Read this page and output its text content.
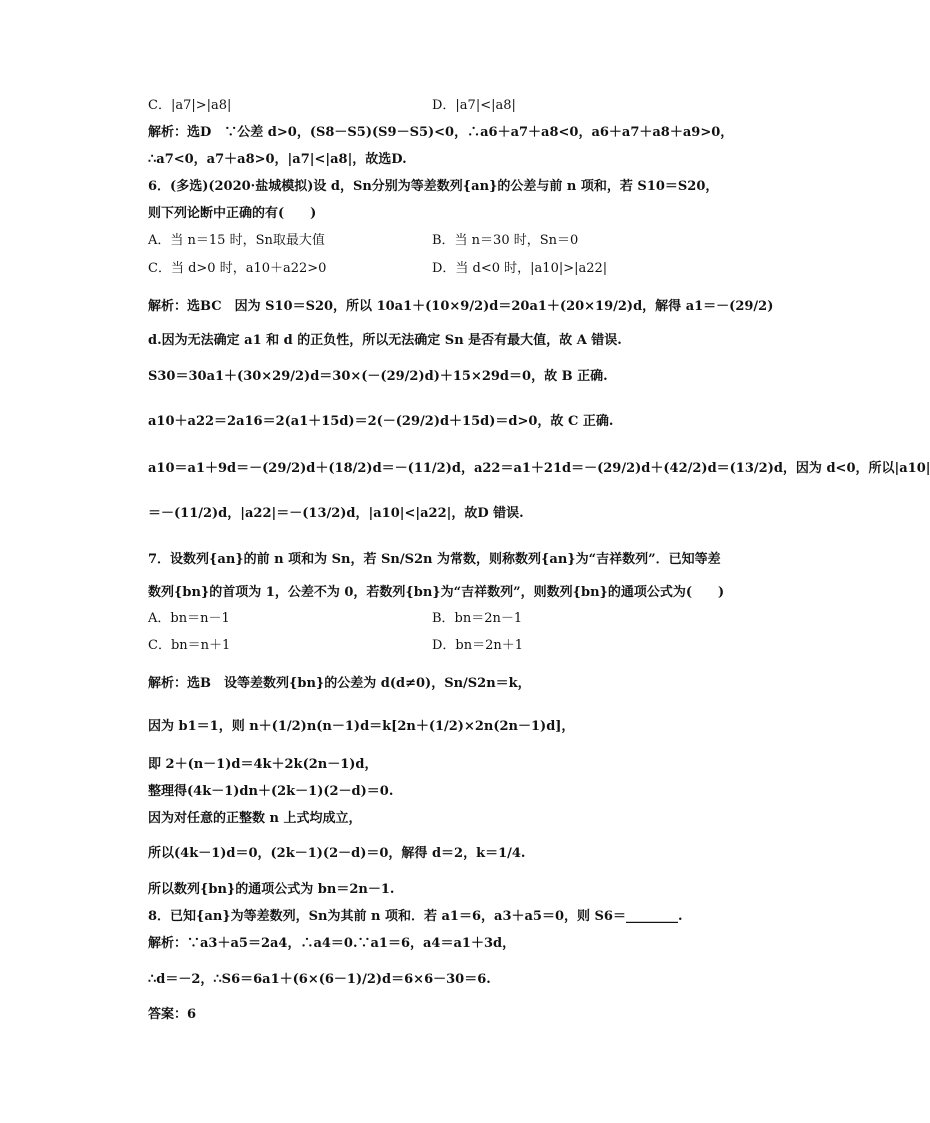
C．|a7|>|a8|	D．|a7|<|a8|
解析：选D　∵公差 d>0，(S8－S5)(S9－S5)<0，∴a6＋a7＋a8<0，a6＋a7＋a8＋a9>0，
∴a7<0，a7＋a8>0，|a7|<|a8|，故选D.
6．(多选)(2020·盐城模拟)设 d，Sn分别为等差数列{an}的公差与前 n 项和，若 S10＝S20，
则下列论断中正确的有(　　)
A．当 n＝15 时，Sn取最大值	B．当 n＝30 时，Sn＝0
C．当 d>0 时，a10＋a22>0	D．当 d<0 时，|a10|>|a22|
解析：选BC　因为 S10＝S20，所以 10a1＋(10×9/2)d＝20a1＋(20×19/2)d，解得 a1＝－(29/2)
d.因为无法确定 a1 和 d 的正负性，所以无法确定 Sn 是否有最大值，故 A 错误.
S30＝30a1＋(30×29/2)d＝30×(－(29/2)d)＋15×29d＝0，故 B 正确.
a10＋a22＝2a16＝2(a1＋15d)＝2(－(29/2)d＋15d)＝d>0，故 C 正确.
a10＝a1＋9d＝－(29/2)d＋(18/2)d＝－(11/2)d，a22＝a1＋21d＝－(29/2)d＋(42/2)d＝(13/2)d，因为 d<0，所以|a10|
＝－(11/2)d，|a22|＝－(13/2)d，|a10|<|a22|，故D 错误.
7．设数列{an}的前 n 项和为 Sn，若 Sn/S2n 为常数，则称数列{an}为“吉祥数列”．已知等差
数列{bn}的首项为 1，公差不为 0，若数列{bn}为“吉祥数列”，则数列{bn}的通项公式为(　　)
A．bn＝n－1	B．bn＝2n－1
C．bn＝n＋1	D．bn＝2n＋1
解析：选B　设等差数列{bn}的公差为 d(d≠0)，Sn/S2n＝k，
因为 b1＝1，则 n＋(1/2)n(n－1)d＝k[2n＋(1/2)×2n(2n－1)d]，
即 2＋(n－1)d＝4k＋2k(2n－1)d，
整理得(4k－1)dn＋(2k－1)(2－d)＝0.
因为对任意的正整数 n 上式均成立，
所以(4k－1)d＝0，(2k－1)(2－d)＝0，解得 d＝2，k＝1/4.
所以数列{bn}的通项公式为 bn＝2n－1.
8．已知{an}为等差数列，Sn为其前 n 项和．若 a1＝6，a3＋a5＝0，则 S6＝________.
解析：∵a3＋a5＝2a4，∴a4＝0.∵a1＝6，a4＝a1＋3d，
∴d＝－2，∴S6＝6a1＋(6×(6－1)/2)d＝6×6－30＝6.
答案：6
